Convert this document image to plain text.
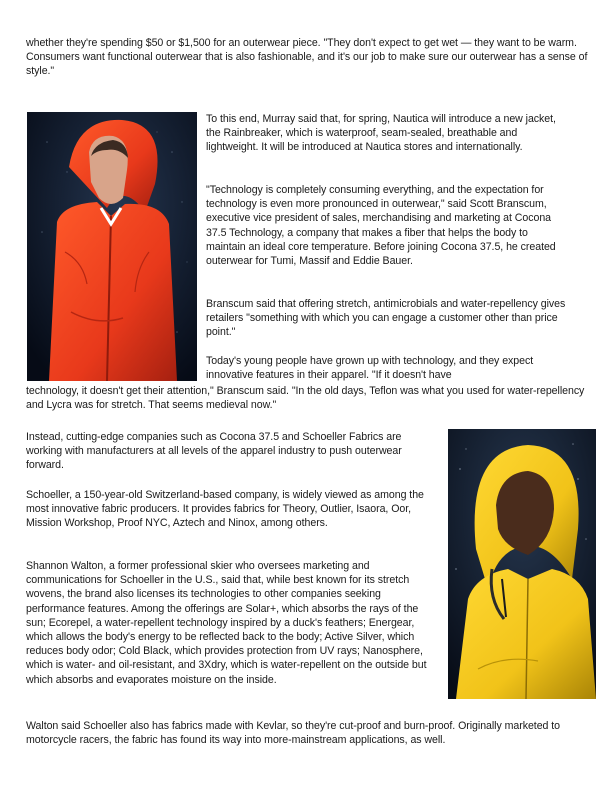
whether they're spending $50 or $1,500 for an outerwear piece. "They don't expect to get wet — they want to be warm. Consumers want functional outerwear that is also fashionable, and it's our job to make sure our outerwear has a sense of style."

To this end, Murray said that, for spring, Nautica will introduce a new jacket, the Rainbreaker, which is waterproof, seam-sealed, breathable and lightweight. It will be introduced at Nautica stores and internationally.

"Technology is completely consuming everything, and the expectation for technology is even more pronounced in outerwear," said Scott Branscum, executive vice president of sales, merchandising and marketing at Cocona 37.5 Technology, a company that makes a fiber that helps the body to maintain an ideal core temperature. Before joining Cocona 37.5, he created outerwear for Tumi, Massif and Eddie Bauer.

Branscum said that offering stretch, antimicrobials and water-repellency gives retailers "something with which you can engage a customer other than price point."

Today's young people have grown up with technology, and they expect innovative features in their apparel. "If it doesn't have

technology, it doesn't get their attention," Branscum said. "In the old days, Teflon was what you used for water-repellency and Lycra was for stretch. That seems medieval now."

Instead, cutting-edge companies such as Cocona 37.5 and Schoeller Fabrics are working with manufacturers at all levels of the apparel industry to push outerwear forward.

Schoeller, a 150-year-old Switzerland-based company, is widely viewed as among the most innovative fabric producers. It provides fabrics for Theory, Outlier, Isaora, Oor, Mission Workshop, Proof NYC, Aztech and Ninox, among others.

Shannon Walton, a former professional skier who oversees marketing and communications for Schoeller in the U.S., said that, while best known for its stretch wovens, the brand also licenses its technologies to other companies seeking performance features. Among the offerings are Solar+, which absorbs the rays of the sun; Ecorepel, a water-repellent technology inspired by a duck's feathers; Energear, which allows the body's energy to be reflected back to the body; Active Silver, which reduces body odor; Cold Black, which provides protection from UV rays; Nanosphere, which is water- and oil-resistant, and 3Xdry, which is water-repellent on the outside but which absorbs and evaporates moisture on the inside.

Walton said Schoeller also has fabrics made with Kevlar, so they're cut-proof and burn-proof. Originally marketed to motorcycle racers, the fabric has found its way into more-mainstream applications, as well.
